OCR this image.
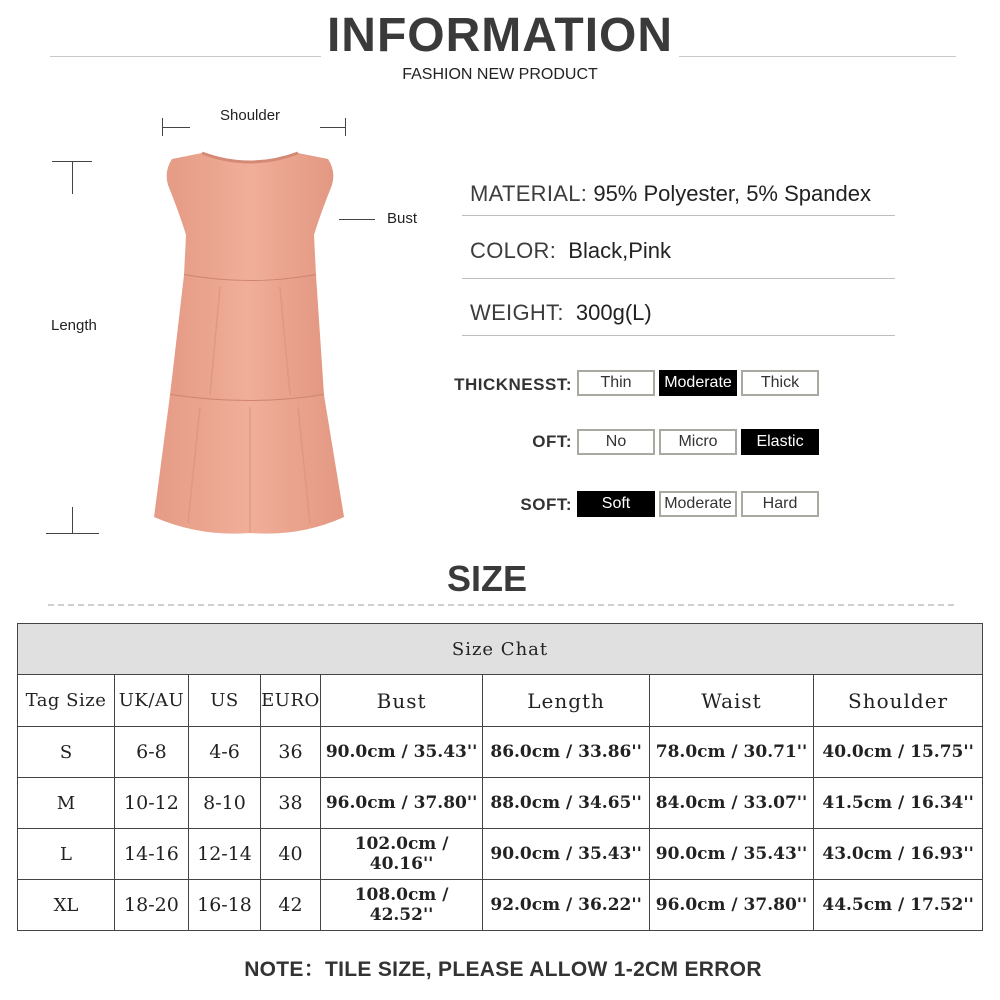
INFORMATION
FASHION NEW PRODUCT
Shoulder
Bust
Length
MATERIAL: 95% Polyester, 5% Spandex
COLOR: Black,Pink
WEIGHT: 300g(L)
THICKNESST:	Thin	Moderate	Thick
OFT:	No	Micro	Elastic
SOFT:	Soft	Moderate	Hard
SIZE
Size Chat							
Tag Size	UK/AU	US	EURO	Bust	Length	Waist	Shoulder
S	6-8	4-6	36	90.0cm / 35.43''	86.0cm / 33.86''	78.0cm / 30.71''	40.0cm / 15.75''
M	10-12	8-10	38	96.0cm / 37.80''	88.0cm / 34.65''	84.0cm / 33.07''	41.5cm / 16.34''
L	14-16	12-14	40	102.0cm / 40.16''	90.0cm / 35.43''	90.0cm / 35.43''	43.0cm / 16.93''
XL	18-20	16-18	42	108.0cm / 42.52''	92.0cm / 36.22''	96.0cm / 37.80''	44.5cm / 17.52''
NOTE：TILE SIZE, PLEASE ALLOW 1-2CM ERROR
